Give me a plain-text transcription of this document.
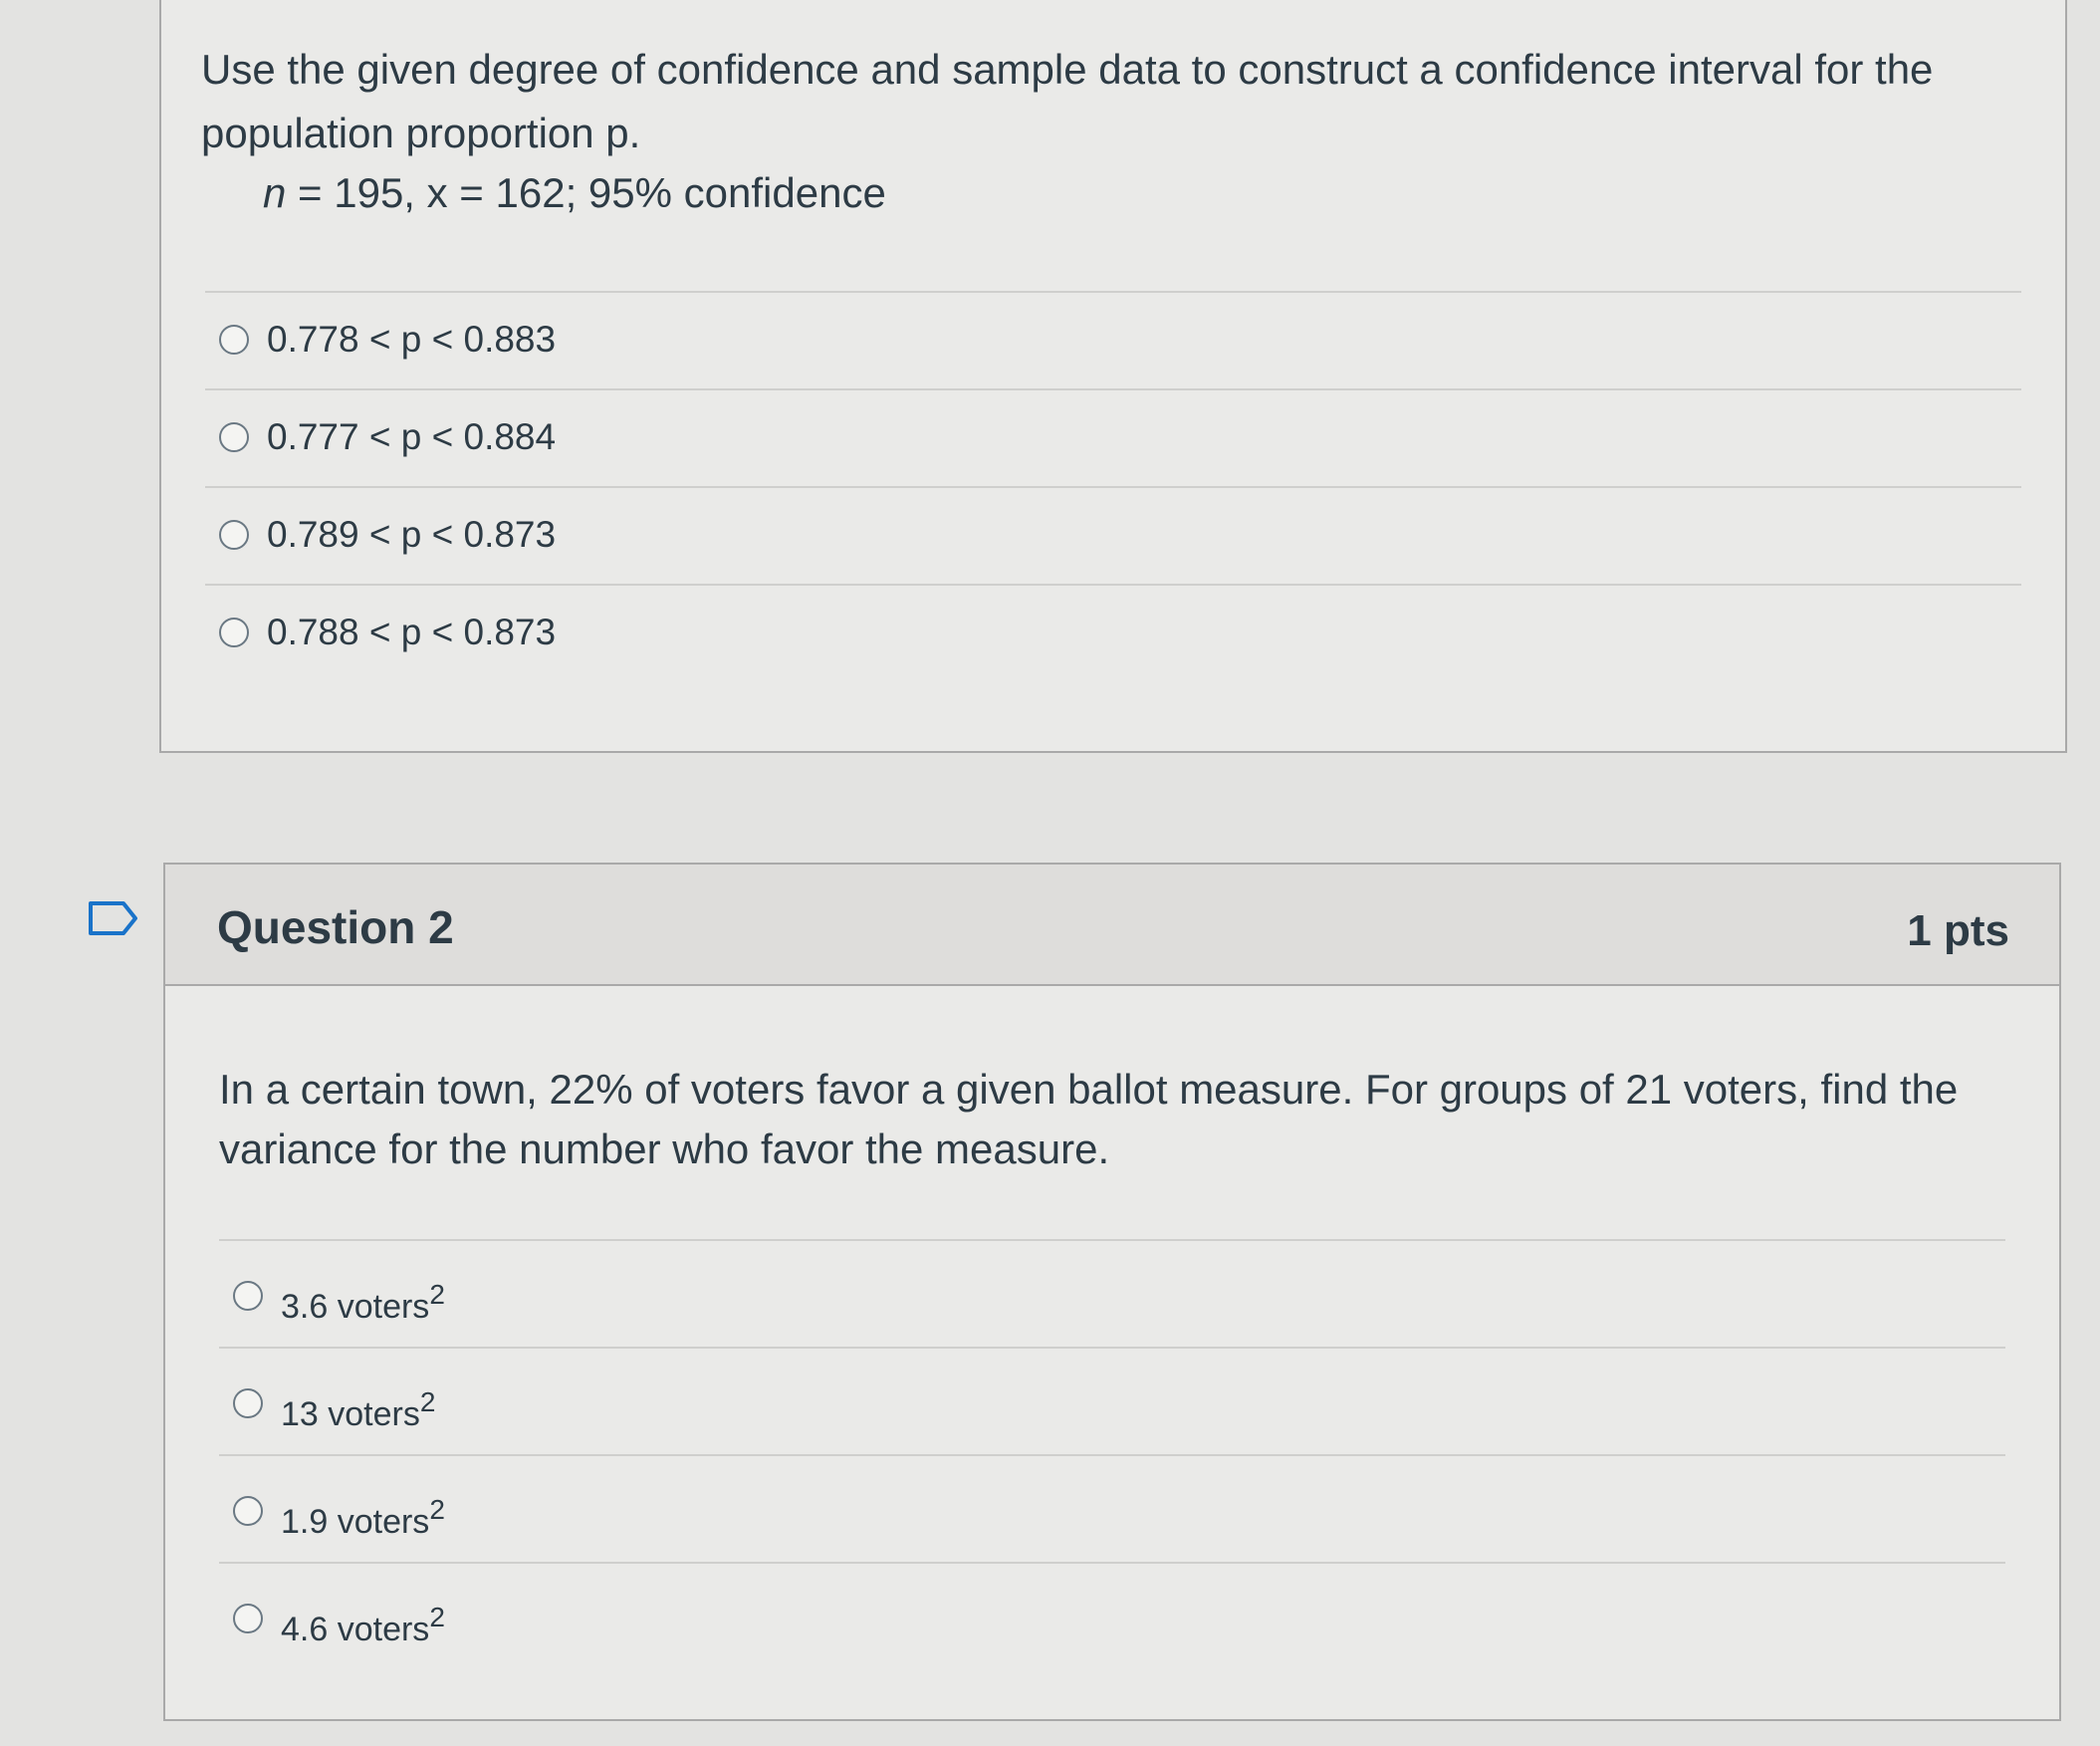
Use the given degree of confidence and sample data to construct a confidence interval for the population proportion p.
n = 195, x = 162; 95% confidence
0.778 < p < 0.883
0.777 < p < 0.884
0.789 < p < 0.873
0.788 < p < 0.873
Question 2	1 pts
In a certain town, 22% of voters favor a given ballot measure. For groups of 21 voters, find the variance for the number who favor the measure.
3.6 voters$^2$
13 voters$^2$
1.9 voters$^2$
4.6 voters$^2$
